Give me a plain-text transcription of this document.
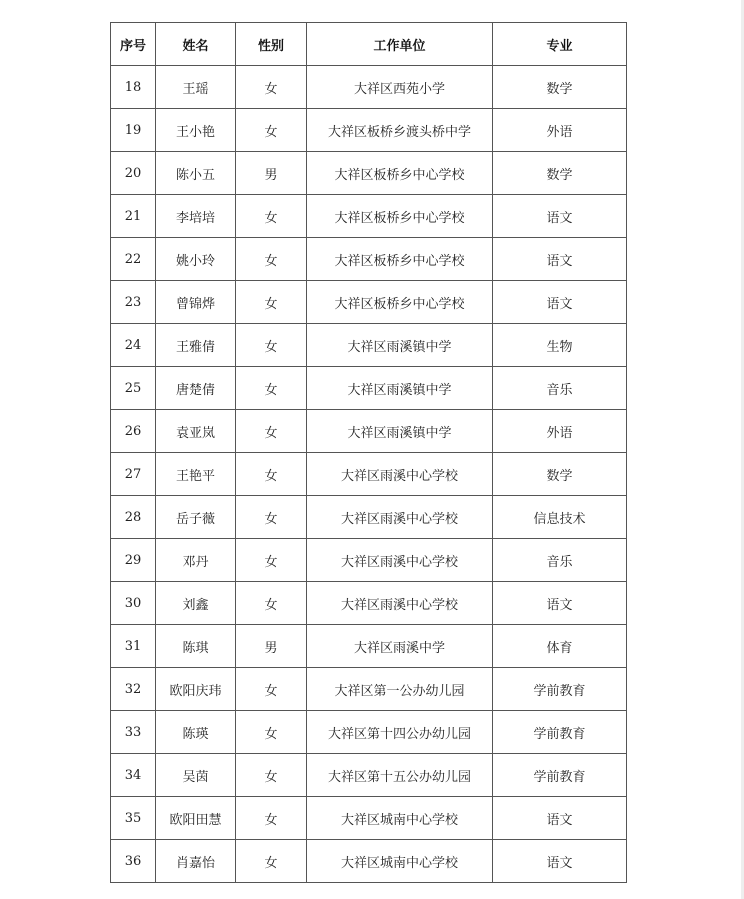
序号	姓名	性别	工作单位	专业
18	王瑶	女	大祥区西苑小学	数学
19	王小艳	女	大祥区板桥乡渡头桥中学	外语
20	陈小五	男	大祥区板桥乡中心学校	数学
21	李培培	女	大祥区板桥乡中心学校	语文
22	姚小玲	女	大祥区板桥乡中心学校	语文
23	曾锦烨	女	大祥区板桥乡中心学校	语文
24	王雅倩	女	大祥区雨溪镇中学	生物
25	唐楚倩	女	大祥区雨溪镇中学	音乐
26	袁亚岚	女	大祥区雨溪镇中学	外语
27	王艳平	女	大祥区雨溪中心学校	数学
28	岳子薇	女	大祥区雨溪中心学校	信息技术
29	邓丹	女	大祥区雨溪中心学校	音乐
30	刘鑫	女	大祥区雨溪中心学校	语文
31	陈琪	男	大祥区雨溪中学	体育
32	欧阳庆玮	女	大祥区第一公办幼儿园	学前教育
33	陈瑛	女	大祥区第十四公办幼儿园	学前教育
34	吴茵	女	大祥区第十五公办幼儿园	学前教育
35	欧阳田慧	女	大祥区城南中心学校	语文
36	肖嘉怡	女	大祥区城南中心学校	语文
